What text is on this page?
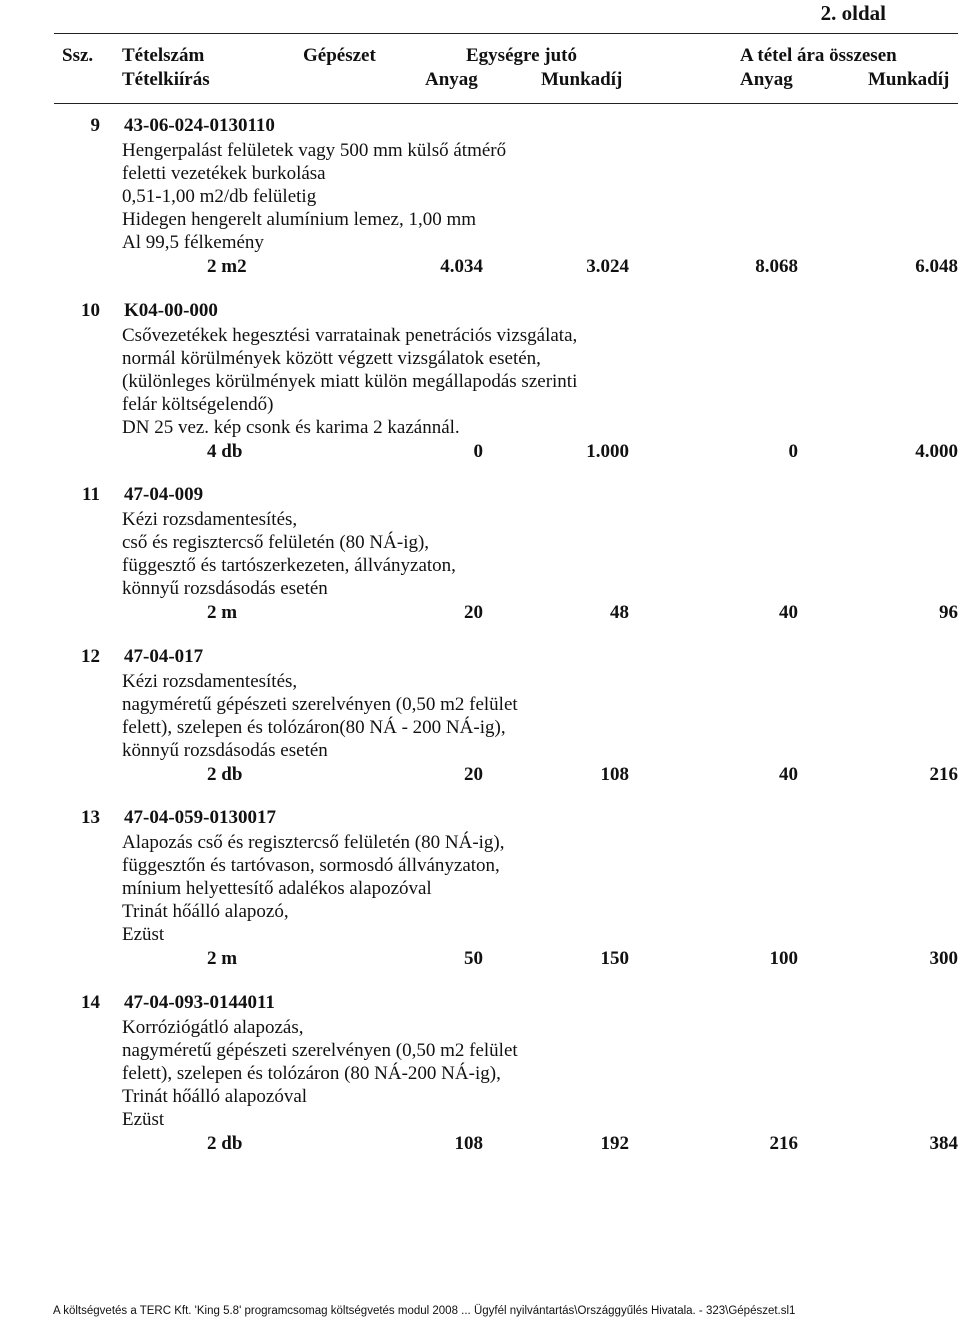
2. oldal
Ssz. Tételszám
Tételkiírás
Gépészet	Egységre jutó	A tétel ára összesen
Anyag	Munkadíj	Anyag	Munkadíj
9 43-06-024-0130110
Hengerpalást felületek vagy 500 mm külső átmérő
feletti vezetékek burkolása
0,51-1,00 m2/db felületig
Hidegen hengerelt alumínium lemez, 1,00 mm
Al 99,5 félkemény
2 m2	4.034	3.024	8.068	6.048
10 K04-00-000
Csővezetékek hegesztési varratainak penetrációs vizsgálata,
normál körülmények között végzett vizsgálatok esetén,
(különleges körülmények miatt külön megállapodás szerinti
felár költségelendő)
DN 25 vez. kép csonk és karima 2 kazánnál.
4 db	0	1.000	0	4.000
11 47-04-009
Kézi rozsdamentesítés,
cső és regisztercső felületén (80 NÁ-ig),
függesztő és tartószerkezeten, állványzaton,
könnyű rozsdásodás esetén
2 m	20	48	40	96
12 47-04-017
Kézi rozsdamentesítés,
nagyméretű gépészeti szerelvényen (0,50 m2 felület
felett), szelepen és tolózáron(80 NÁ - 200 NÁ-ig),
könnyű rozsdásodás esetén
2 db	20	108	40	216
13 47-04-059-0130017
Alapozás cső és regisztercső felületén (80 NÁ-ig),
függesztőn és tartóvason, sormosdó állványzaton,
mínium helyettesítő adalékos alapozóval
Trinát hőálló alapozó,
Ezüst
2 m	50	150	100	300
14 47-04-093-0144011
Korróziógátló alapozás,
nagyméretű gépészeti szerelvényen (0,50 m2 felület
felett), szelepen és tolózáron (80 NÁ-200 NÁ-ig),
Trinát hőálló alapozóval
Ezüst
2 db	108	192	216	384
A költségvetés a TERC Kft. 'King 5.8' programcsomag költségvetés modul 2008 ... Ügyfél nyilvántartás\Országgyűlés Hivatala. - 323\Gépészet.sl1
